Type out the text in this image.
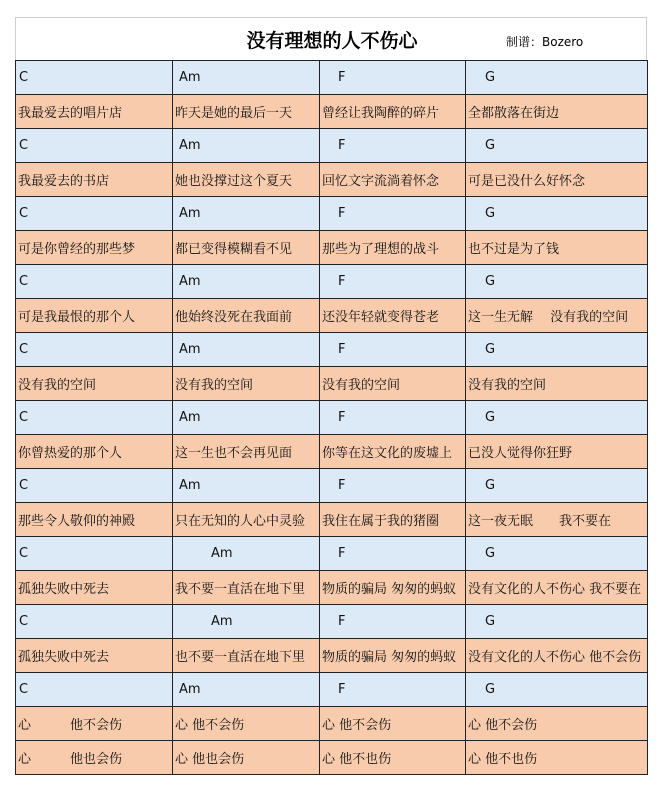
没有理想的人不伤心	制谱：Bozero
C	Am	F	G
我最爱去的唱片店	昨天是她的最后一天	曾经让我陶醉的碎片	全都散落在街边
C	Am	F	G
我最爱去的书店	她也没撑过这个夏天	回忆文字流淌着怀念	可是已没什么好怀念
C	Am	F	G
可是你曾经的那些梦	都已变得模糊看不见	那些为了理想的战斗	也不过是为了钱
C	Am	F	G
可是我最恨的那个人	他始终没死在我面前	还没年轻就变得苍老	这一生无解　 没有我的空间
C	Am	F	G
没有我的空间	没有我的空间	没有我的空间	没有我的空间
C	Am	F	G
你曾热爱的那个人	这一生也不会再见面	你等在这文化的废墟上	已没人觉得你狂野
C	Am	F	G
那些令人敬仰的神殿	只在无知的人心中灵验	我住在属于我的猪圈	这一夜无眠　　我不要在
C	Am	F	G
孤独失败中死去	我不要一直活在地下里	物质的骗局 匆匆的蚂蚁	没有文化的人不伤心 我不要在
C	Am	F	G
孤独失败中死去	也不要一直活在地下里	物质的骗局 匆匆的蚂蚁	没有文化的人不伤心 他不会伤
C	Am	F	G
心　　　他不会伤	心 他不会伤	心 他不会伤	心 他不会伤
心　　　他也会伤	心 他也会伤	心 他不也伤	心 他不也伤
